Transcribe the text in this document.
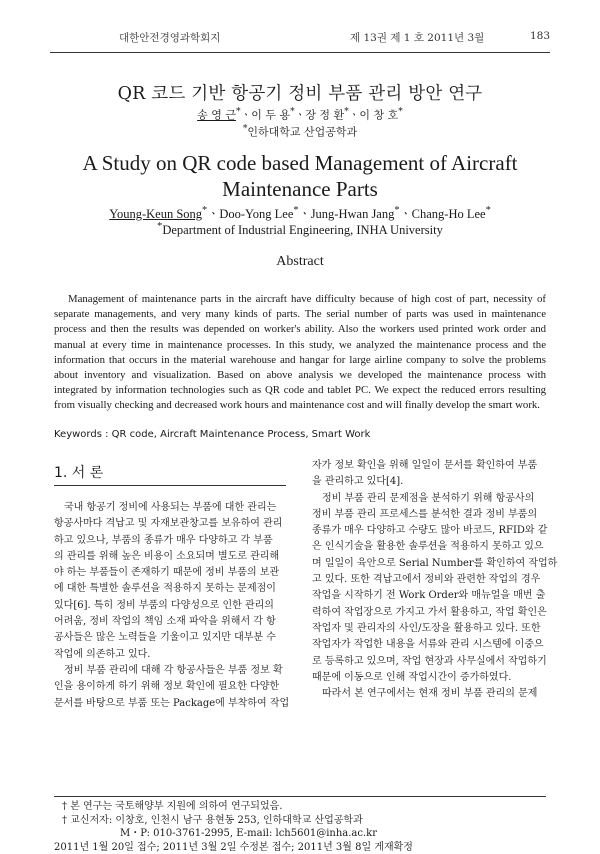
대한안전경영과학회지	제 13권 제 1 호 2011년 3월	183
QR 코드 기반 항공기 정비 부품 관리 방안 연구
송 영 근*ㆍ이 두 용*ㆍ장 정 환*ㆍ이 창 호*
*인하대학교 산업공학과
A Study on QR code based Management of Aircraft
Maintenance Parts
Young-Keun Song*ㆍDoo-Yong Lee*ㆍJung-Hwan Jang*ㆍChang-Ho Lee*
*Department of Industrial Engineering, INHA University
Abstract

Management of maintenance parts in the aircraft have difficulty because of high cost of part, necessity of separate managements, and very many kinds of parts. The serial number of parts was used in maintenance process and then the results was depended on worker's ability. Also the workers used printed work order and manual at every time in maintenance processes. In this study, we analyzed the maintenance process and the information that occurs in the material warehouse and hangar for large airline company to solve the problems about inventory and visualization. Based on above analysis we developed the maintenance process with integrated by information technologies such as QR code and tablet PC. We expect the reduced errors resulting from visually checking and decreased work hours and maintenance cost and will finally develop the smart work.

Keywords : QR code, Aircraft Maintenance Process, Smart Work
1. 서 론
국내 항공기 정비에 사용되는 부품에 대한 관리는
항공사마다 격납고 및 자재보관창고를 보유하여 관리
하고 있으나, 부품의 종류가 매우 다양하고 각 부품
의 관리를 위해 높은 비용이 소요되며 별도로 관리해
야 하는 부품들이 존재하기 때문에 정비 부품의 보관
에 대한 특별한 솔루션을 적용하지 못하는 문제점이
있다[6]. 특히 정비 부품의 다양성으로 인한 관리의
어려움, 정비 작업의 책임 소재 파악을 위해서 각 항
공사들은 많은 노력들을 기울이고 있지만 대부분 수
작업에 의존하고 있다.
정비 부품 관리에 대해 각 항공사들은 부품 정보 확
인을 용이하게 하기 위해 정보 확인에 필요한 다양한
문서를 바탕으로 부품 또는 Package에 부착하여 작업
자가 정보 확인을 위해 일일이 문서를 확인하여 부품
을 관리하고 있다[4].
정비 부품 관리 문제점을 분석하기 위해 항공사의
정비 부품 관리 프로세스를 분석한 결과 정비 부품의
종류가 매우 다양하고 수량도 많아 바코드, RFID와 같
은 인식기술을 활용한 솔루션을 적용하지 못하고 있으
며 일일이 육안으로 Serial Number를 확인하여 작업하
고 있다. 또한 격납고에서 정비와 관련한 작업의 경우
작업을 시작하기 전 Work Order와 매뉴얼을 매번 출
력하여 작업장으로 가지고 가서 활용하고, 작업 확인은
작업자 및 관리자의 사인/도장을 활용하고 있다. 또한
작업자가 작업한 내용을 서류와 관리 시스템에 이중으
로 등록하고 있으며, 작업 현장과 사무실에서 작업하기
때문에 이동으로 인해 작업시간이 증가하였다.
따라서 본 연구에서는 현재 정비 부품 관리의 문제
† 본 연구는 국토해양부 지원에 의하여 연구되었음.
† 교신저자: 이창호, 인천시 남구 용현동 253, 인하대학교 산업공학과
M・P: 010-3761-2995, E-mail: lch5601@inha.ac.kr
2011년 1월 20일 접수; 2011년 3월 2일 수정본 접수; 2011년 3월 8일 게재확정
